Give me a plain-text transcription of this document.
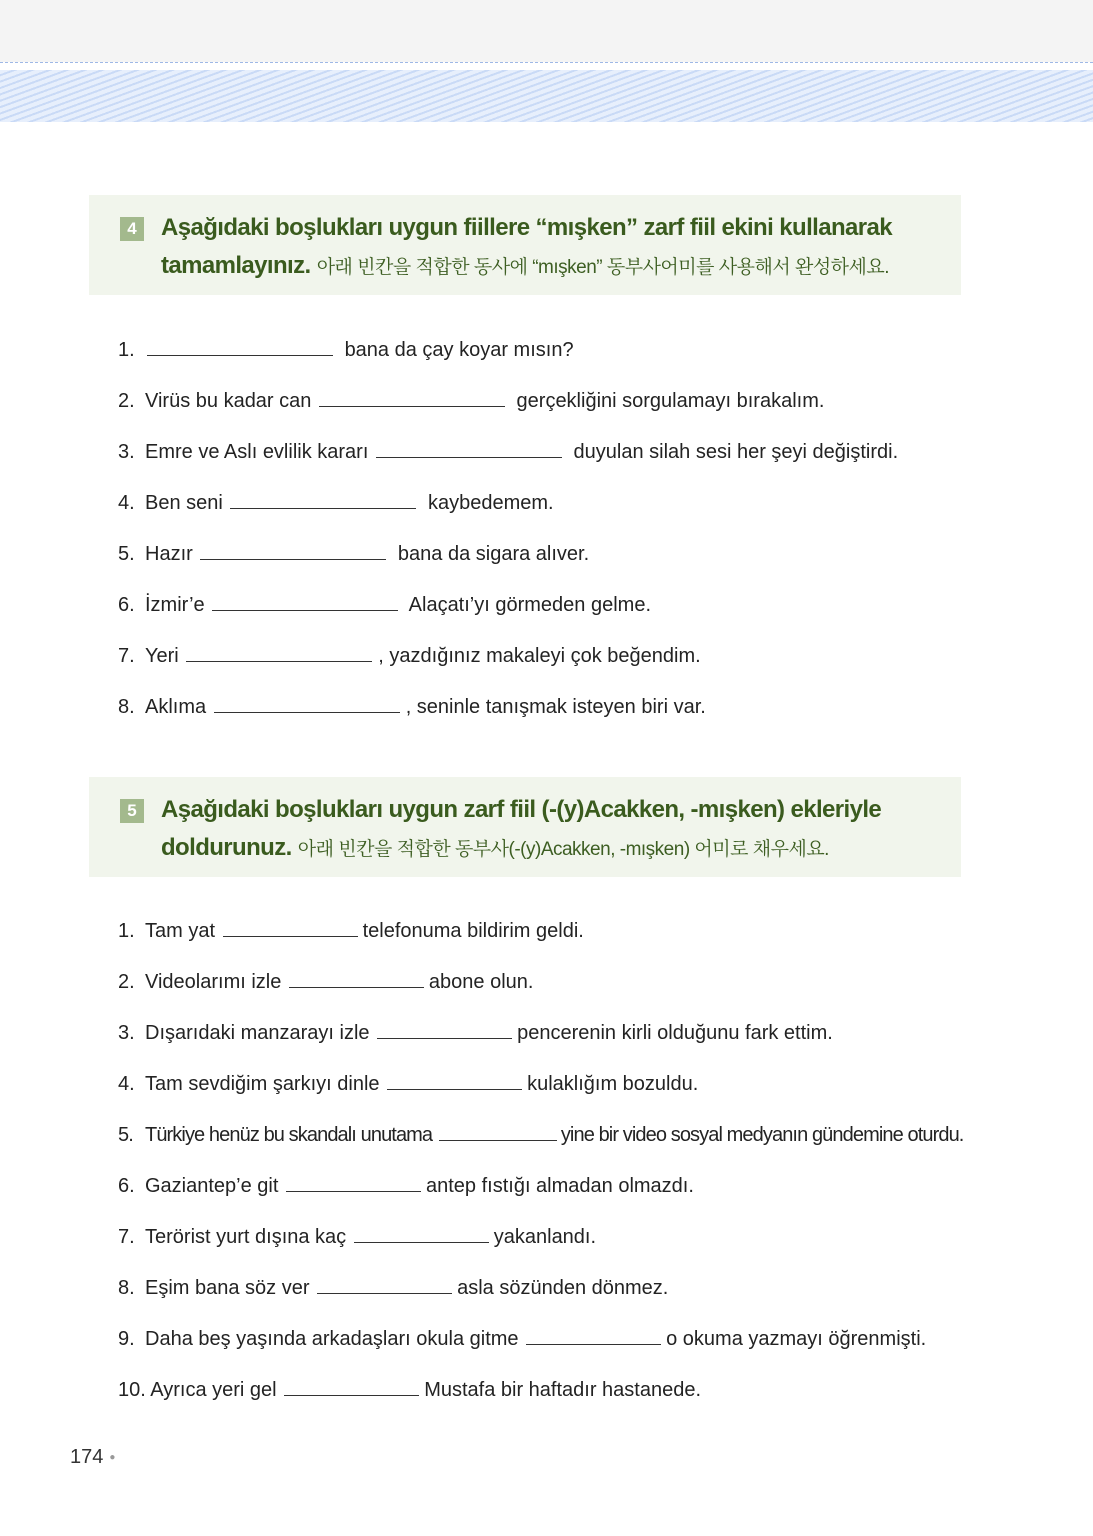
4	Aşağıdaki boşlukları uygun fiillere “mışken” zarf fiil ekini kullanarak tamamlayınız. 아래 빈칸을 적합한 동사에 “mışken” 동부사어미를 사용해서 완성하세요.
1.	bana da çay koyar mısın?
2. Virüs bu kadar can	gerçekliğini sorgulamayı bırakalım.
3. Emre ve Aslı evlilik kararı	duyulan silah sesi her şeyi değiştirdi.
4. Ben seni	kaybedemem.
5. Hazır	bana da sigara alıver.
6. İzmir’e	Alaçatı’yı görmeden gelme.
7. Yeri	, yazdığınız makaleyi çok beğendim.
8. Aklıma	, seninle tanışmak isteyen biri var.
5	Aşağıdaki boşlukları uygun zarf fiil (-(y)Acakken, -mışken) ekleriyle doldurunuz. 아래 빈칸을 적합한 동부사(-(y)Acakken, -mışken) 어미로 채우세요.
1. Tam yat	telefonuma bildirim geldi.
2. Videolarımı izle	abone olun.
3. Dışarıdaki manzarayı izle	pencerenin kirli olduğunu fark ettim.
4. Tam sevdiğim şarkıyı dinle	kulaklığım bozuldu.
5. Türkiye henüz bu skandalı unutama	yine bir video sosyal medyanın gündemine oturdu.
6. Gaziantep’e git	antep fıstığı almadan olmazdı.
7. Terörist yurt dışına kaç	yakanlandı.
8. Eşim bana söz ver	asla sözünden dönmez.
9. Daha beş yaşında arkadaşları okula gitme	o okuma yazmayı öğrenmişti.
10. Ayrıca yeri gel	Mustafa bir haftadır hastanede.
174 ●
